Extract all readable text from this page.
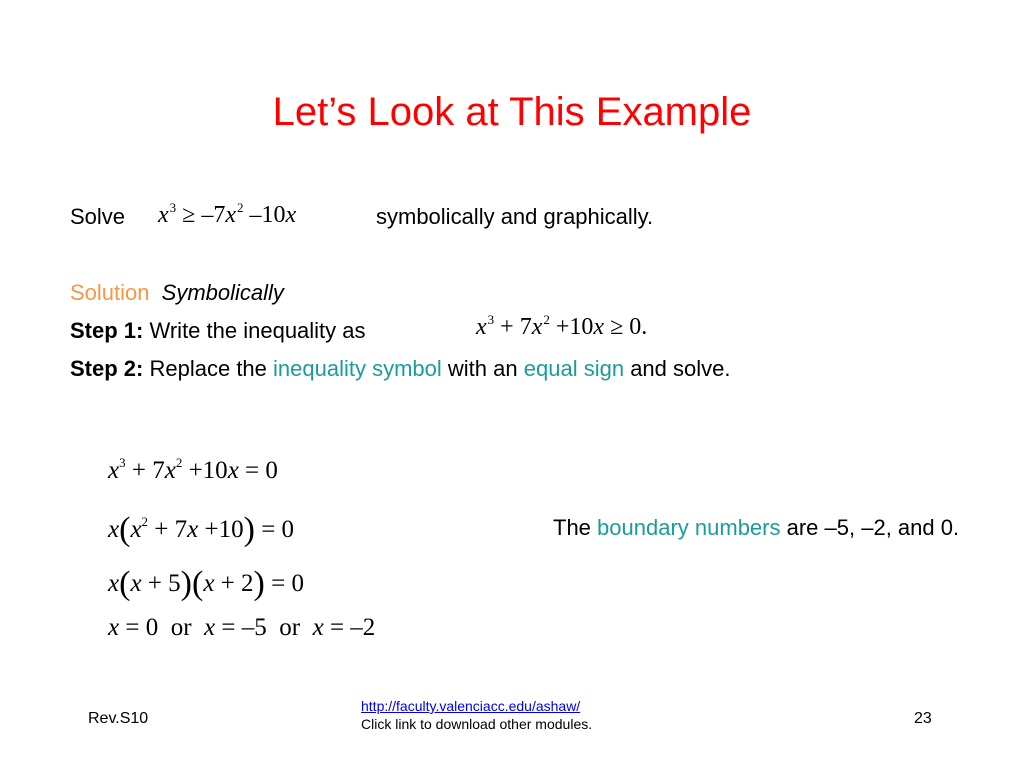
Let’s Look at This Example
Solve $x^3 \ge -7x^2$ –10x	symbolically and graphically.
Solution Symbolically
Step 1: Write the inequality as	$x^3 + 7x^2 +10x \ge 0$.
Step 2: Replace the inequality symbol with an equal sign and solve.
$x^3 + 7x^2 +10x = 0$
$x(x^2 + 7x +10) = 0$
x(x + 5)(x + 2) = 0
x = 0  or  x = –5  or  x = –2
The boundary numbers are –5, –2, and 0.
Rev.S10
http://faculty.valenciacc.edu/ashaw/
Click link to download other modules.	23
